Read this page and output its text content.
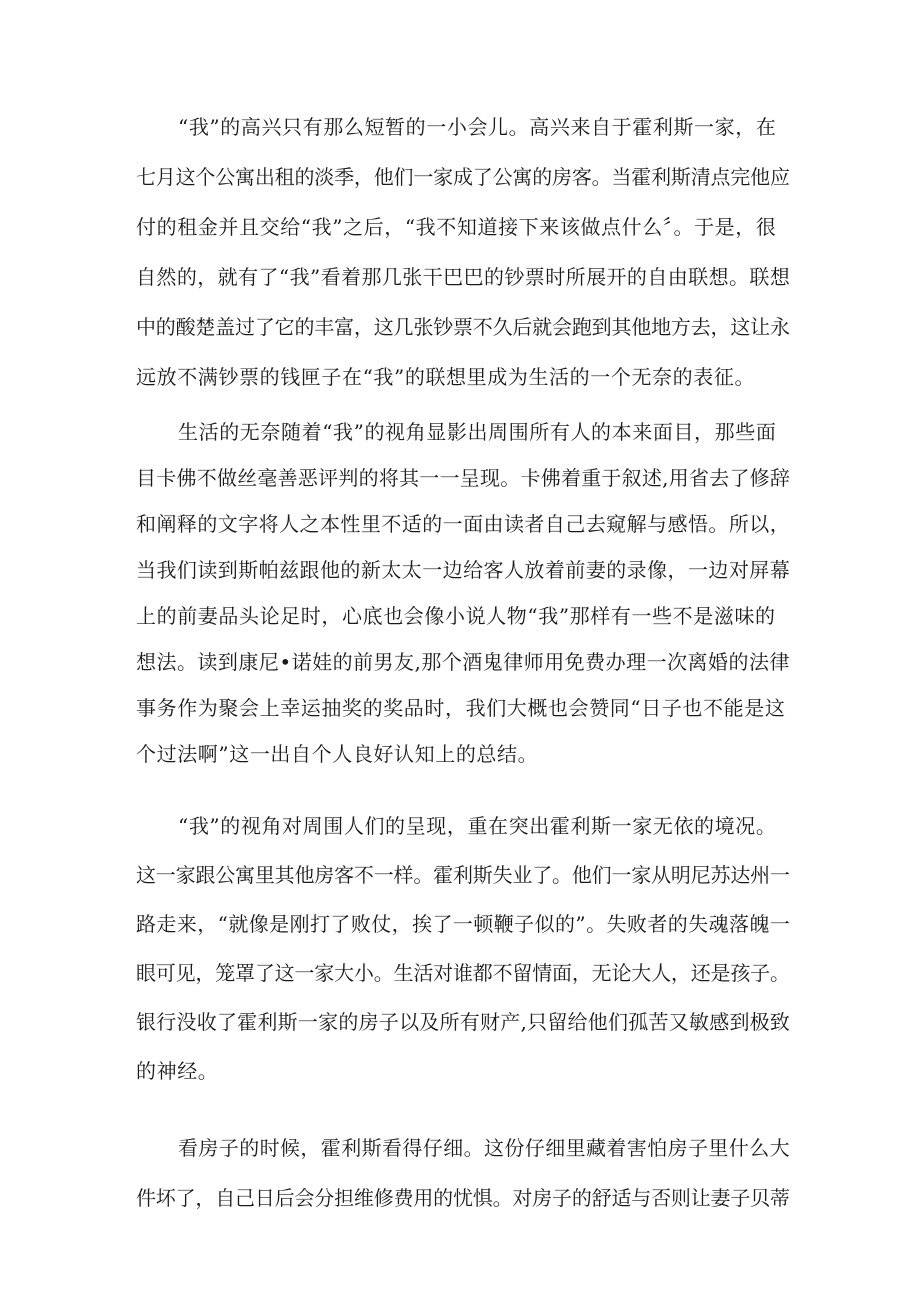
“我”的高兴只有那么短暂的一小会儿。高兴来自于霍利斯一家，在
七月这个公寓出租的淡季，他们一家成了公寓的房客。当霍利斯清点完他应
付的租金并且交给“我”之后，“我不知道接下来该做点什么〞。于是，很
自然的，就有了“我”看着那几张干巴巴的钞票时所展开的自由联想。联想
中的酸楚盖过了它的丰富，这几张钞票不久后就会跑到其他地方去，这让永
远放不满钞票的钱匣子在“我”的联想里成为生活的一个无奈的表征。
生活的无奈随着“我”的视角显影出周围所有人的本来面目，那些面
目卡佛不做丝毫善恶评判的将其一一呈现。卡佛着重于叙述,用省去了修辞
和阐释的文字将人之本性里不适的一面由读者自己去窥解与感悟。所以，
当我们读到斯帕兹跟他的新太太一边给客人放着前妻的录像，一边对屏幕
上的前妻品头论足时，心底也会像小说人物“我”那样有一些不是滋味的
想法。读到康尼•诺娃的前男友,那个酒鬼律师用免费办理一次离婚的法律
事务作为聚会上幸运抽奖的奖品时，我们大概也会赞同“日子也不能是这
个过法啊”这一出自个人良好认知上的总结。
“我”的视角对周围人们的呈现，重在突出霍利斯一家无依的境况。
这一家跟公寓里其他房客不一样。霍利斯失业了。他们一家从明尼苏达州一
路走来，“就像是刚打了败仗，挨了一顿鞭子似的”。失败者的失魂落魄一
眼可见，笼罩了这一家大小。生活对谁都不留情面，无论大人，还是孩子。
银行没收了霍利斯一家的房子以及所有财产,只留给他们孤苦又敏感到极致
的神经。
看房子的时候，霍利斯看得仔细。这份仔细里藏着害怕房子里什么大
件坏了，自己日后会分担维修费用的忧惧。对房子的舒适与否则让妻子贝蒂
